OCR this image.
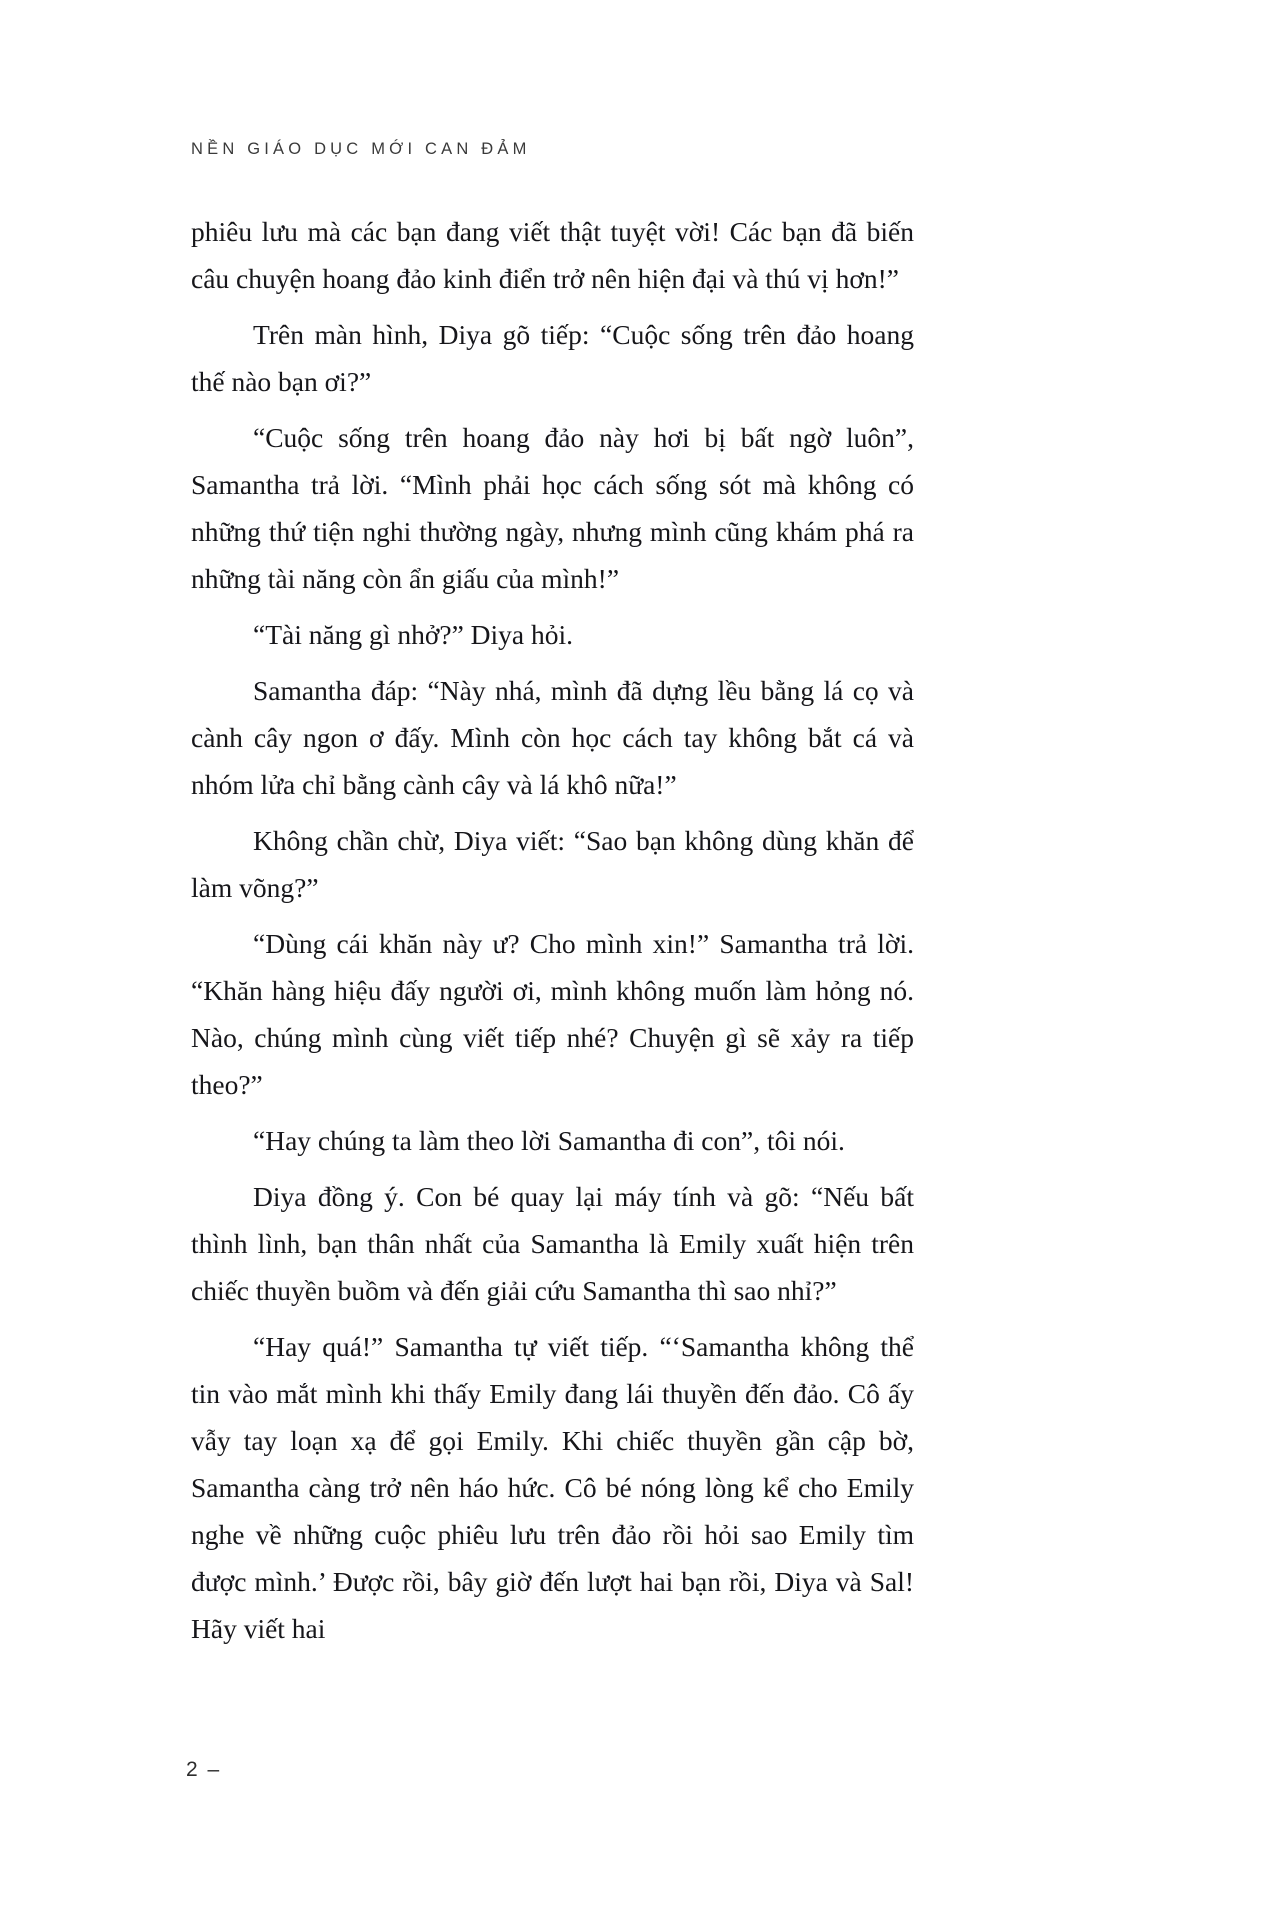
NỀN GIÁO DỤC MỚI CAN ĐẢM

phiêu lưu mà các bạn đang viết thật tuyệt vời! Các bạn đã biến câu chuyện hoang đảo kinh điển trở nên hiện đại và thú vị hơn!”

Trên màn hình, Diya gõ tiếp: “Cuộc sống trên đảo hoang thế nào bạn ơi?”

“Cuộc sống trên hoang đảo này hơi bị bất ngờ luôn”, Samantha trả lời. “Mình phải học cách sống sót mà không có những thứ tiện nghi thường ngày, nhưng mình cũng khám phá ra những tài năng còn ẩn giấu của mình!”

“Tài năng gì nhở?” Diya hỏi.

Samantha đáp: “Này nhá, mình đã dựng lều bằng lá cọ và cành cây ngon ơ đấy. Mình còn học cách tay không bắt cá và nhóm lửa chỉ bằng cành cây và lá khô nữa!”

Không chần chừ, Diya viết: “Sao bạn không dùng khăn để làm võng?”

“Dùng cái khăn này ư? Cho mình xin!” Samantha trả lời. “Khăn hàng hiệu đấy người ơi, mình không muốn làm hỏng nó. Nào, chúng mình cùng viết tiếp nhé? Chuyện gì sẽ xảy ra tiếp theo?”

“Hay chúng ta làm theo lời Samantha đi con”, tôi nói.

Diya đồng ý. Con bé quay lại máy tính và gõ: “Nếu bất thình lình, bạn thân nhất của Samantha là Emily xuất hiện trên chiếc thuyền buồm và đến giải cứu Samantha thì sao nhỉ?”

“Hay quá!” Samantha tự viết tiếp. “‘Samantha không thể tin vào mắt mình khi thấy Emily đang lái thuyền đến đảo. Cô ấy vẫy tay loạn xạ để gọi Emily. Khi chiếc thuyền gần cập bờ, Samantha càng trở nên háo hức. Cô bé nóng lòng kể cho Emily nghe về những cuộc phiêu lưu trên đảo rồi hỏi sao Emily tìm được mình.’ Được rồi, bây giờ đến lượt hai bạn rồi, Diya và Sal! Hãy viết hai

2 –
